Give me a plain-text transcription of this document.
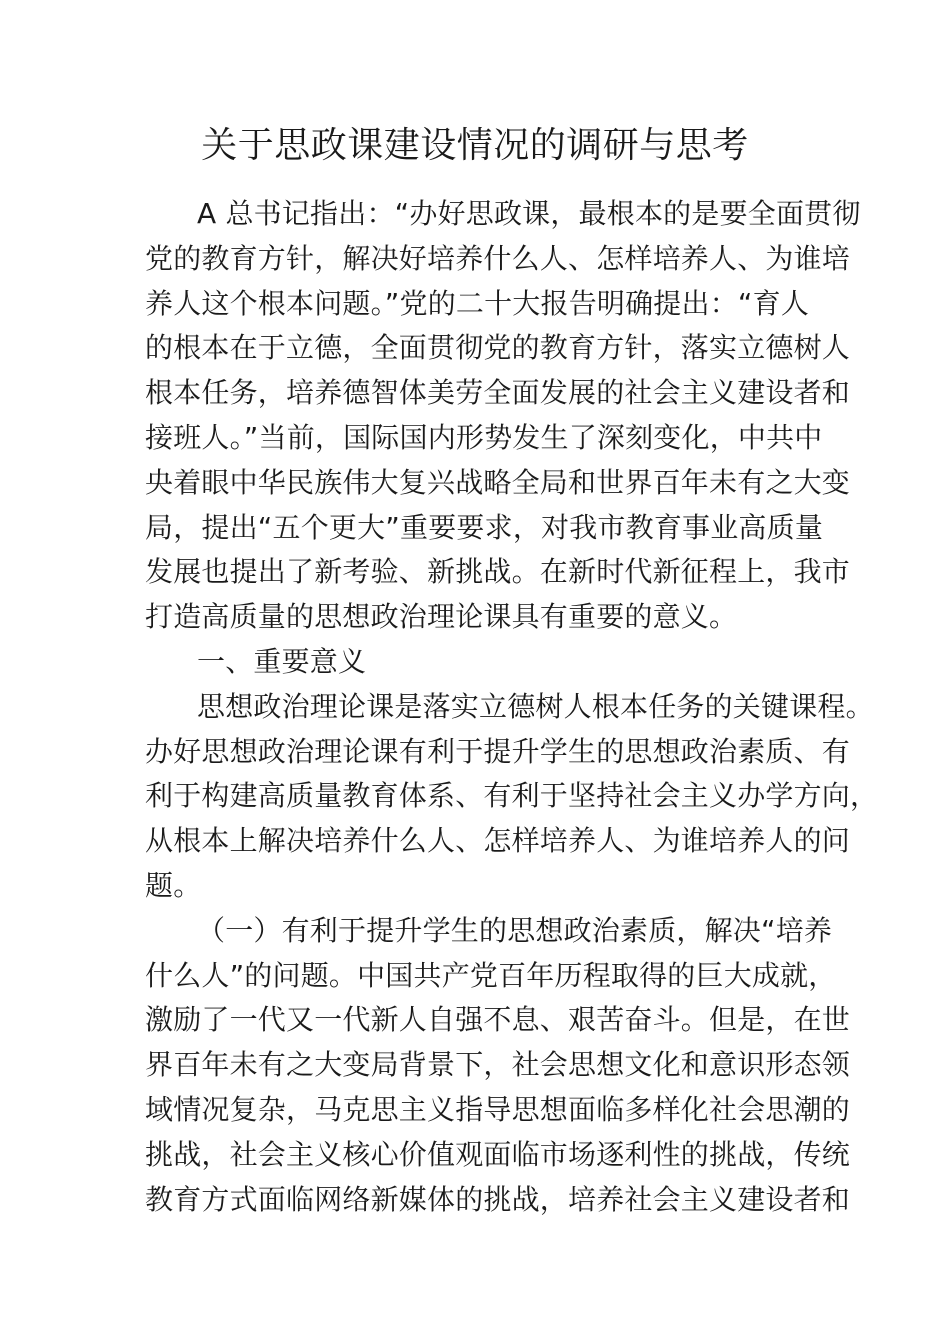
关于思政课建设情况的调研与思考
A 总书记指出：“办好思政课，最根本的是要全面贯彻
党的教育方针，解决好培养什么人、怎样培养人、为谁培
养人这个根本问题。”党的二十大报告明确提出：“育人
的根本在于立德，全面贯彻党的教育方针，落实立德树人
根本任务，培养德智体美劳全面发展的社会主义建设者和
接班人。”当前，国际国内形势发生了深刻变化，中共中
央着眼中华民族伟大复兴战略全局和世界百年未有之大变
局，提出“五个更大”重要要求，对我市教育事业高质量
发展也提出了新考验、新挑战。在新时代新征程上，我市
打造高质量的思想政治理论课具有重要的意义。
一、重要意义
思想政治理论课是落实立德树人根本任务的关键课程。
办好思想政治理论课有利于提升学生的思想政治素质、有
利于构建高质量教育体系、有利于坚持社会主义办学方向，
从根本上解决培养什么人、怎样培养人、为谁培养人的问
题。
（一）有利于提升学生的思想政治素质，解决“培养
什么人”的问题。中国共产党百年历程取得的巨大成就，
激励了一代又一代新人自强不息、艰苦奋斗。但是，在世
界百年未有之大变局背景下，社会思想文化和意识形态领
域情况复杂，马克思主义指导思想面临多样化社会思潮的
挑战，社会主义核心价值观面临市场逐利性的挑战，传统
教育方式面临网络新媒体的挑战，培养社会主义建设者和
